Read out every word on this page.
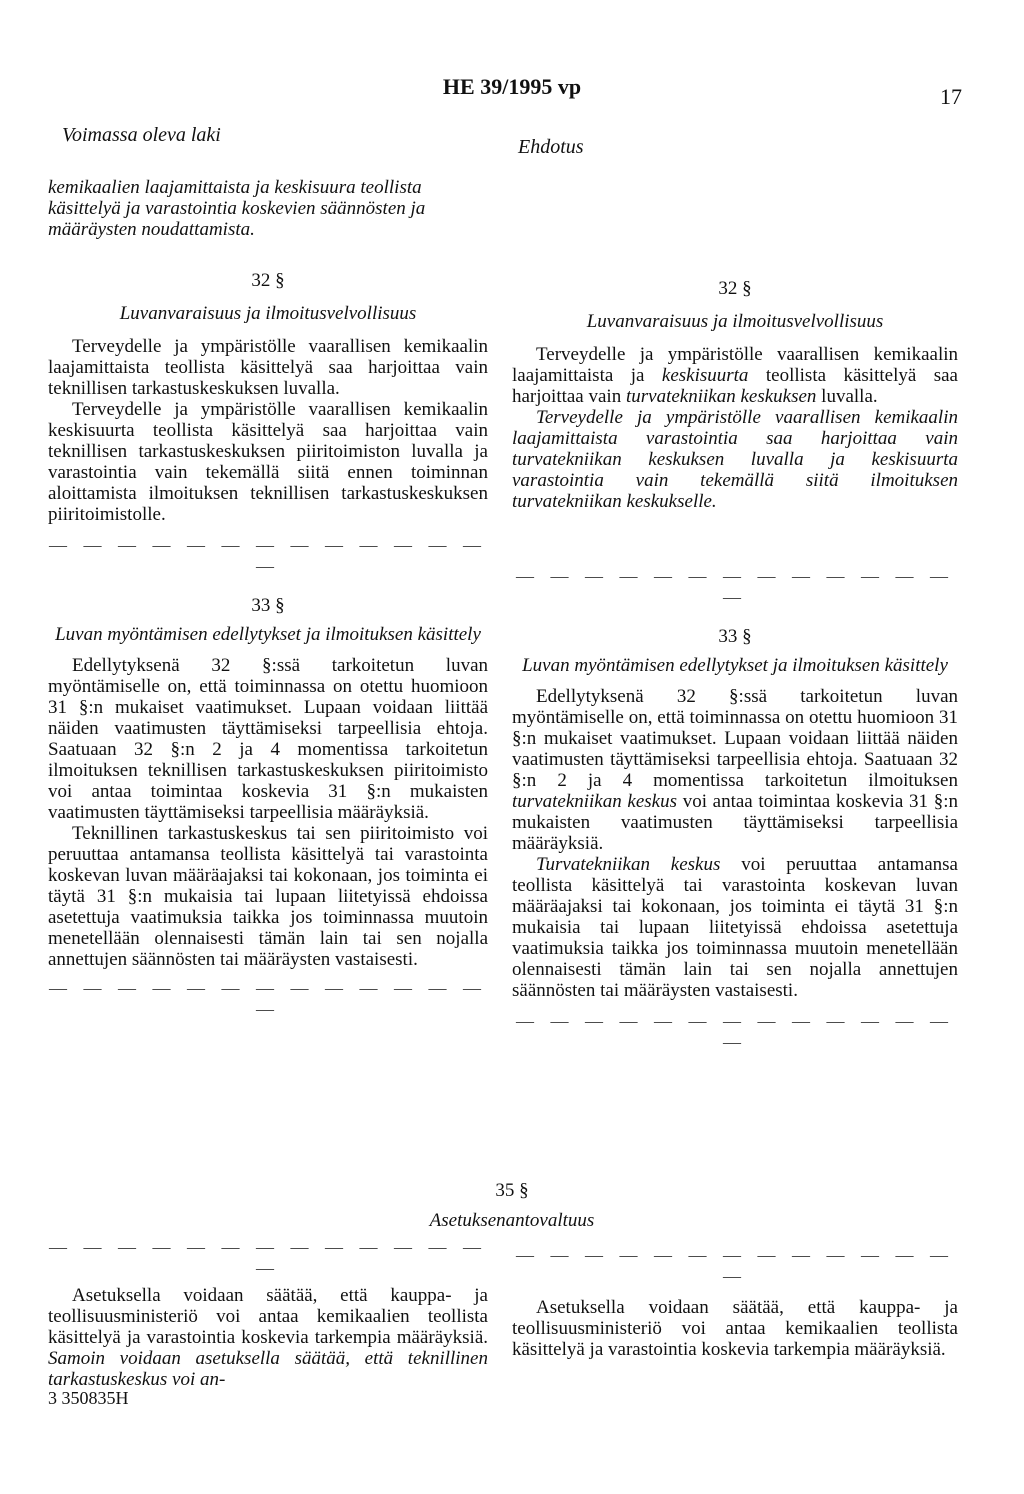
HE 39/1995 vp	17
Voimassa oleva laki
Ehdotus
kemikaalien laajamittaista ja keskisuura teollista käsittelyä ja varastointia koskevien säännösten ja määräysten noudattamista.
32 §
Luvanvaraisuus ja ilmoitusvelvollisuus

Terveydelle ja ympäristölle vaarallisen kemikaalin laajamittaista teollista käsittelyä saa harjoittaa vain teknillisen tarkastuskeskuksen luvalla.

Terveydelle ja ympäristölle vaarallisen kemikaalin keskisuurta teollista käsittelyä saa harjoittaa vain teknillisen tarkastuskeskuksen piiritoimiston luvalla ja varastointia vain tekemällä siitä ennen toiminnan aloittamista ilmoituksen teknillisen tarkastuskeskuksen piiritoimistolle.

— — — — — — — — — — — — — —
33 §
Luvan myöntämisen edellytykset ja ilmoituksen käsittely

Edellytyksenä 32 §:ssä tarkoitetun luvan myöntämiselle on, että toiminnassa on otettu huomioon 31 §:n mukaiset vaatimukset. Lupaan voidaan liittää näiden vaatimusten täyttämiseksi tarpeellisia ehtoja. Saatuaan 32 §:n 2 ja 4 momentissa tarkoitetun ilmoituksen teknillisen tarkastuskeskuksen piiritoimisto voi antaa toimintaa koskevia 31 §:n mukaisten vaatimusten täyttämiseksi tarpeellisia määräyksiä.

Teknillinen tarkastuskeskus tai sen piiritoimisto voi peruuttaa antamansa teollista käsittelyä tai varastointa koskevan luvan määräajaksi tai kokonaan, jos toiminta ei täytä 31 §:n mukaisia tai lupaan liitetyissä ehdoissa asetettuja vaatimuksia taikka jos toiminnassa muutoin menetellään olennaisesti tämän lain tai sen nojalla annettujen säännösten tai määräysten vastaisesti.

— — — — — — — — — — — — — —
32 §
Luvanvaraisuus ja ilmoitusvelvollisuus

Terveydelle ja ympäristölle vaarallisen kemikaalin laajamittaista ja keskisuurta teollista käsittelyä saa harjoittaa vain turvatekniikan keskuksen luvalla.

Terveydelle ja ympäristölle vaarallisen kemikaalin laajamittaista varastointia saa harjoittaa vain turvatekniikan keskuksen luvalla ja keskisuurta varastointia vain tekemällä siitä ilmoituksen turvatekniikan keskukselle.

— — — — — — — — — — — — — —
33 §
Luvan myöntämisen edellytykset ja ilmoituksen käsittely

Edellytyksenä 32 §:ssä tarkoitetun luvan myöntämiselle on, että toiminnassa on otettu huomioon 31 §:n mukaiset vaatimukset. Lupaan voidaan liittää näiden vaatimusten täyttämiseksi tarpeellisia ehtoja. Saatuaan 32 §:n 2 ja 4 momentissa tarkoitetun ilmoituksen turvatekniikan keskus voi antaa toimintaa koskevia 31 §:n mukaisten vaatimusten täyttämiseksi tarpeellisia määräyksiä.

Turvatekniikan keskus voi peruuttaa antamansa teollista käsittelyä tai varastointa koskevan luvan määräajaksi tai kokonaan, jos toiminta ei täytä 31 §:n mukaisia tai lupaan liitetyissä ehdoissa asetettuja vaatimuksia taikka jos toiminnassa muutoin menetellään olennaisesti tämän lain tai sen nojalla annettujen säännösten tai määräysten vastaisesti.

— — — — — — — — — — — — — —
35 §
Asetuksenantovaltuus
— — — — — — — — — — — — — —

Asetuksella voidaan säätää, että kauppa- ja teollisuusministeriö voi antaa kemikaalien teollista käsittelyä ja varastointia koskevia tarkempia määräyksiä. Samoin voidaan asetuksella säätää, että teknillinen tarkastuskeskus voi an-

— — — — — — — — — — — — — —

Asetuksella voidaan säätää, että kauppa- ja teollisuusministeriö voi antaa kemikaalien teollista käsittelyä ja varastointia koskevia tarkempia määräyksiä.

3 350835H
